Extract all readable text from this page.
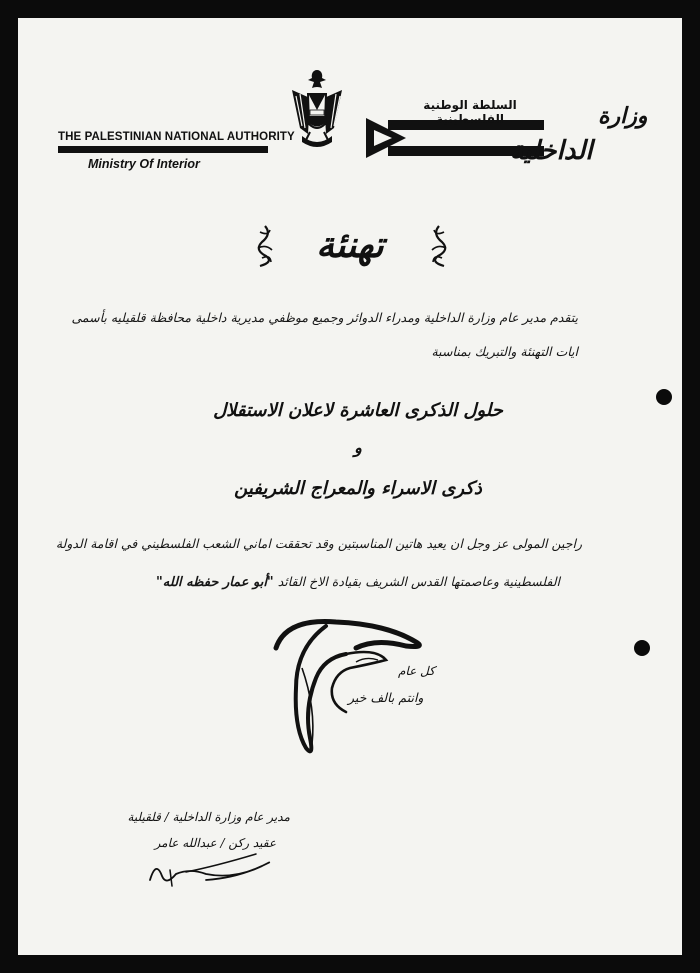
THE PALESTINIAN NATIONAL AUTHORITY
Ministry Of Interior
السلطة الوطنية الفلسطينية	وزارة
الداخلية
تهنئة
يتقدم مدير عام وزارة الداخلية ومدراء الدوائر وجميع موظفي مديرية داخلية محافظة قلقيليه بأسمى
ايات التهنئة والتبريك بمناسبة
حلول الذكرى العاشرة لاعلان الاستقلال
و
ذكرى الاسراء والمعراج الشريفين
راجين المولى عز وجل ان يعيد هاتين المناسبتين وقد تحققت اماني الشعب الفلسطيني في اقامة الدولة
الفلسطينية وعاصمتها القدس الشريف بقيادة الاخ القائد "أبو عمار حفظه الله"
كل عام
وانتم بالف خير
مدير عام وزارة الداخلية / قلقيلية
عقيد ركن / عبدالله عامر
